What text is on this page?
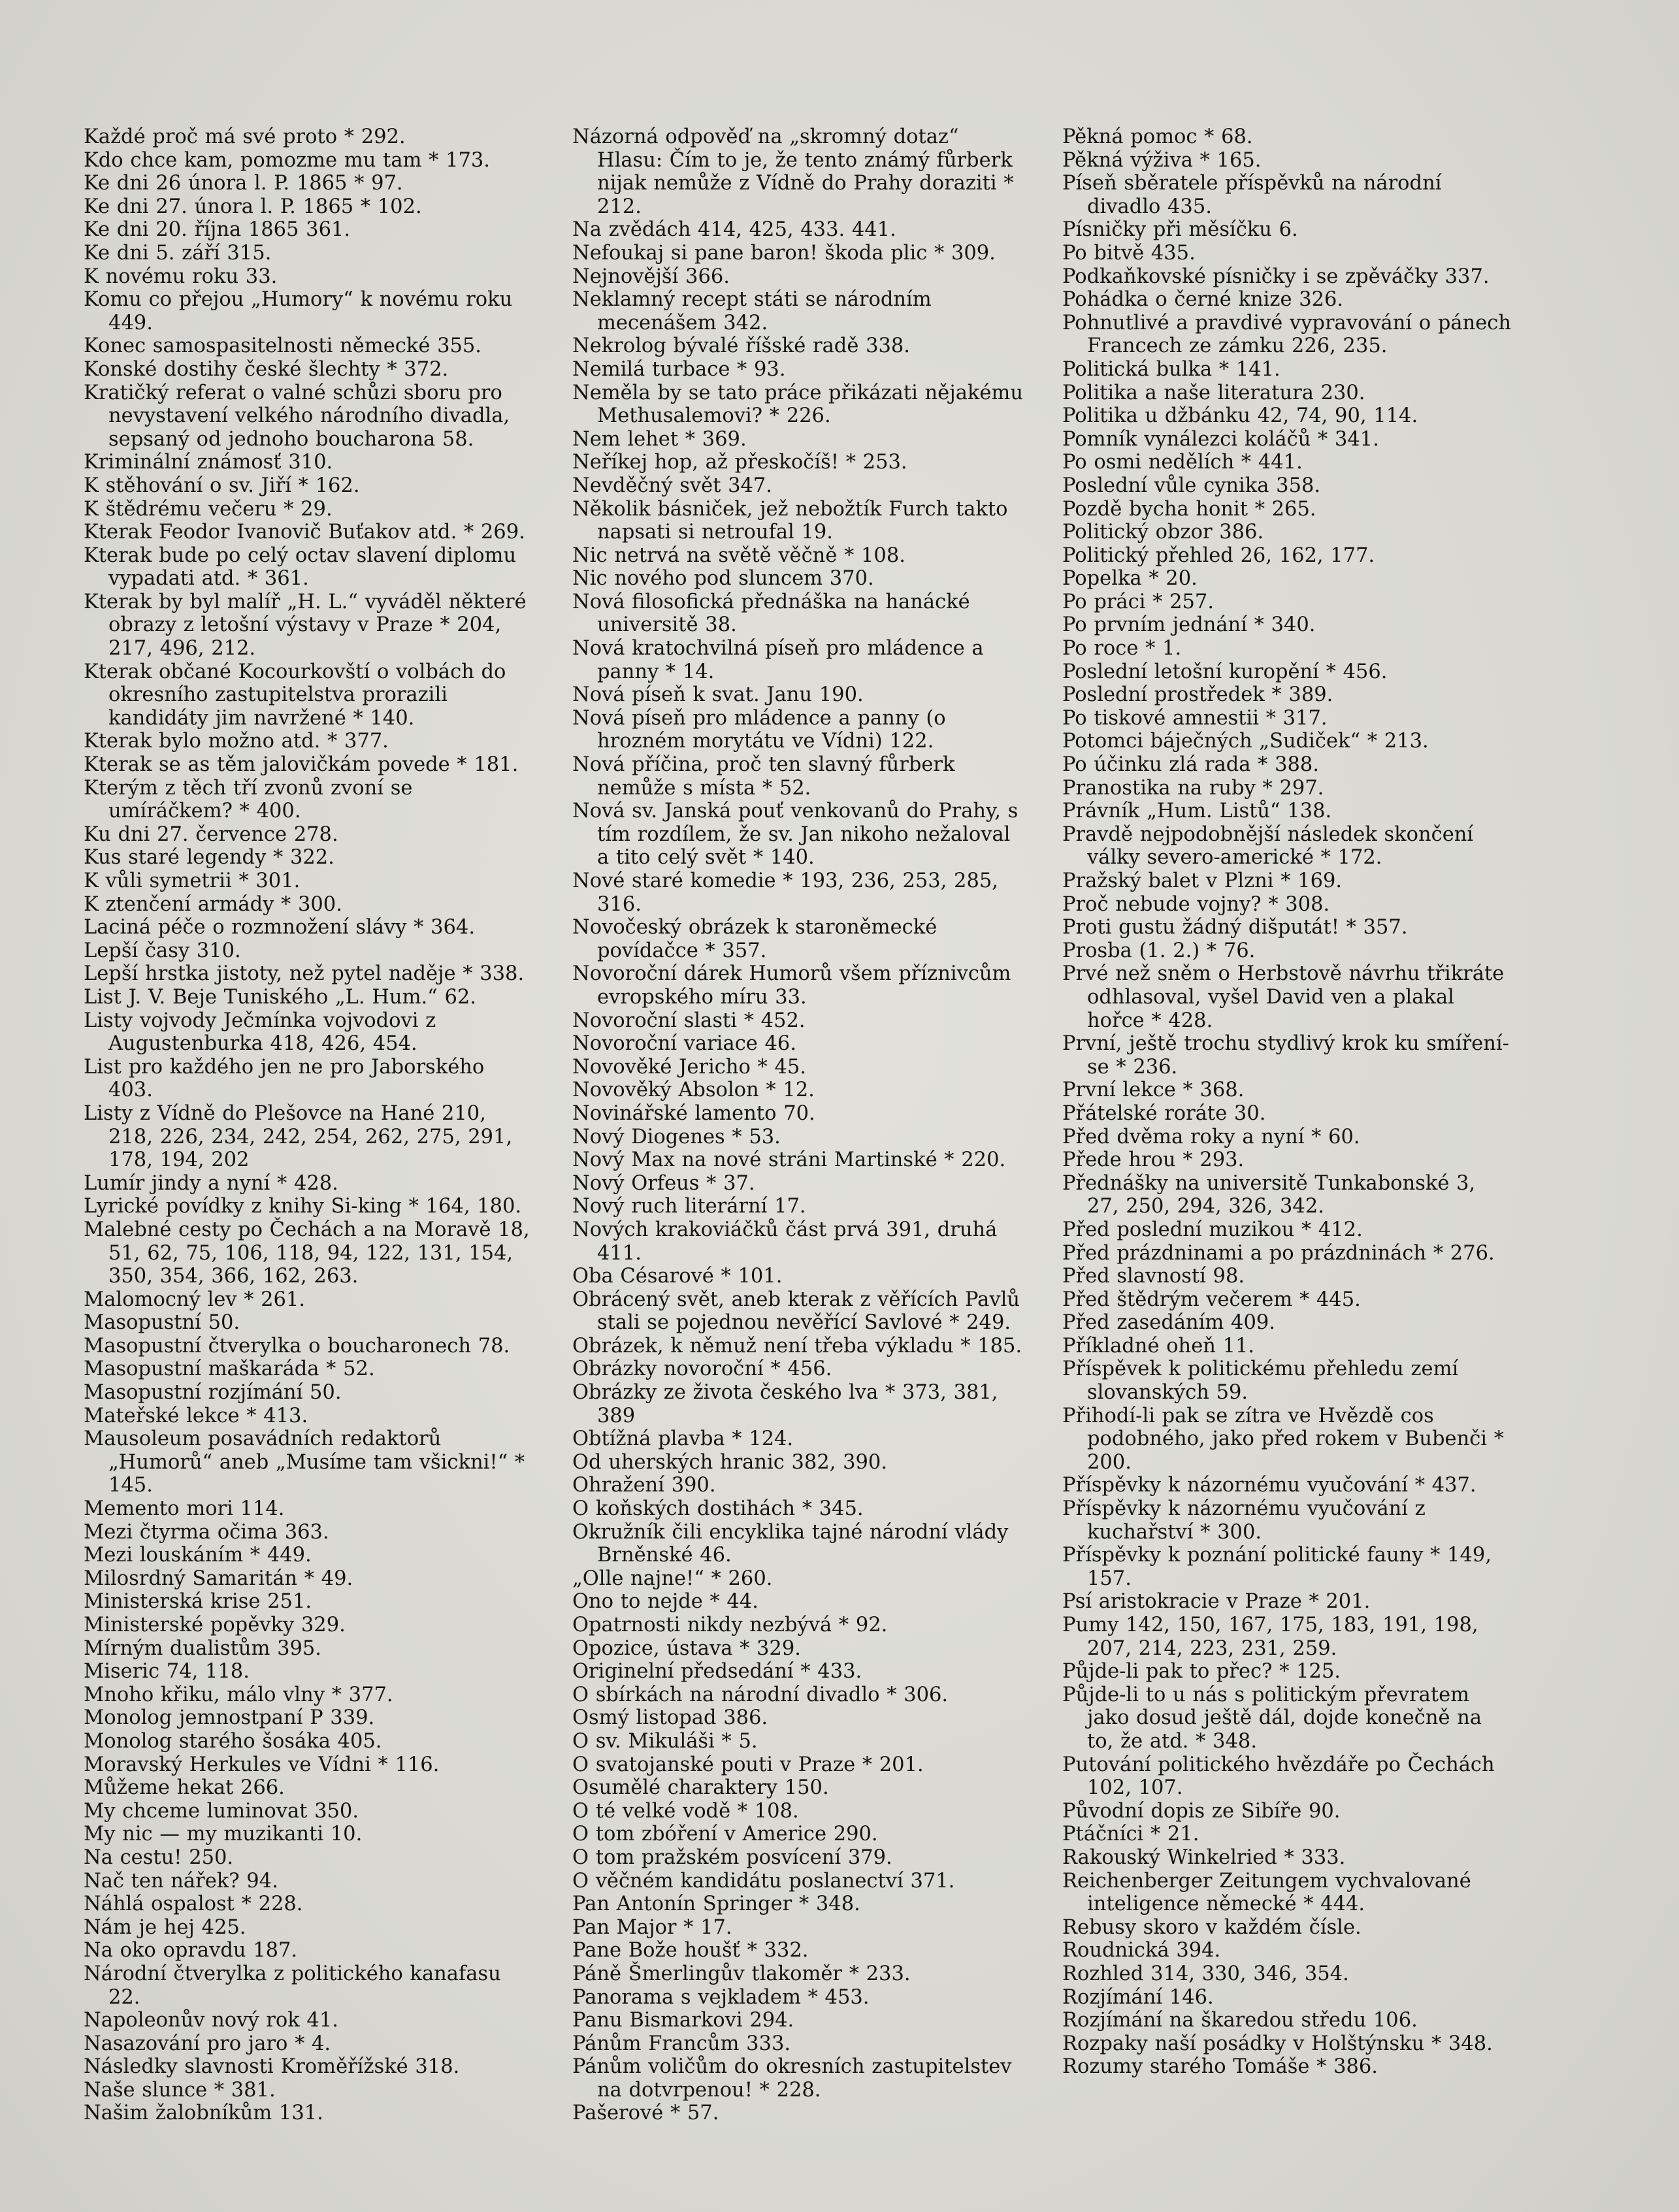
Každé proč má své proto * 292.
Kdo chce kam, pomozme mu tam * 173.
Ke dni 26 února l. P. 1865 * 97.
Ke dni 27. února l. P. 1865 * 102.
Ke dni 20. října 1865 361.
Ke dni 5. září 315.
K novému roku 33.
Komu co přejou „Humory“ k novému roku 449.
Konec samospasitelnosti německé 355.
Konské dostihy české šlechty * 372.
Kratičký referat o valné schůzi sboru pro nevystavení velkého národního divadla, sepsaný od jednoho boucharona 58.
Kriminální známosť 310.
K stěhování o sv. Jiří * 162.
K štědrému večeru * 29.
Kterak Feodor Ivanovič Buťakov atd. * 269.
Kterak bude po celý octav slavení diplomu vypadati atd. * 361.
Kterak by byl malíř „H. L.“ vyváděl některé obrazy z letošní výstavy v Praze * 204, 217, 496, 212.
Kterak občané Kocourkovští o volbách do okresního zastupitelstva prorazili kandidáty jim navržené * 140.
Kterak bylo možno atd. * 377.
Kterak se as těm jalovičkám povede * 181.
Kterým z těch tří zvonů zvoní se umíráčkem? * 400.
Ku dni 27. července 278.
Kus staré legendy * 322.
K vůli symetrii * 301.
K ztenčení armády * 300.
Laciná péče o rozmnožení slávy * 364.
Lepší časy 310.
Lepší hrstka jistoty, než pytel naděje * 338.
List J. V. Beje Tuniského „L. Hum.“ 62.
Listy vojvody Ječmínka vojvodovi z Augustenburka 418, 426, 454.
List pro každého jen ne pro Jaborského 403.
Listy z Vídně do Plešovce na Hané 210, 218, 226, 234, 242, 254, 262, 275, 291, 178, 194, 202
Lumír jindy a nyní * 428.
Lyrické povídky z knihy Si-king * 164, 180.
Malebné cesty po Čechách a na Moravě 18, 51, 62, 75, 106, 118, 94, 122, 131, 154, 350, 354, 366, 162, 263.
Malomocný lev * 261.
Masopustní 50.
Masopustní čtverylka o boucharonech 78.
Masopustní maškaráda * 52.
Masopustní rozjímání 50.
Mateřské lekce * 413.
Mausoleum posavádních redaktorů „Humorů“ aneb „Musíme tam všickni!“ * 145.
Memento mori 114.
Mezi čtyrma očima 363.
Mezi louskáním * 449.
Milosrdný Samaritán * 49.
Ministerská krise 251.
Ministerské popěvky 329.
Mírným dualistům 395.
Miseric 74, 118.
Mnoho křiku, málo vlny * 377.
Monolog jemnostpaní P 339.
Monolog starého šosáka 405.
Moravský Herkules ve Vídni * 116.
Můžeme hekat 266.
My chceme luminovat 350.
My nic — my muzikanti 10.
Na cestu! 250.
Nač ten nářek? 94.
Náhlá ospalost * 228.
Nám je hej 425.
Na oko opravdu 187.
Národní čtverylka z politického kanafasu 22.
Napoleonův nový rok 41.
Nasazování pro jaro * 4.
Následky slavnosti Kroměřížské 318.
Naše slunce * 381.
Našim žalobníkům 131.
Názorná odpověď na „skromný dotaz“ Hlasu: Čím to je, že tento známý fůrberk nijak nemůže z Vídně do Prahy doraziti * 212.
Na zvědách 414, 425, 433. 441.
Nefoukaj si pane baron! škoda plic * 309.
Nejnovější 366.
Neklamný recept státi se národním mecenášem 342.
Nekrolog bývalé říšské radě 338.
Nemilá turbace * 93.
Neměla by se tato práce přikázati nějakému Methusalemovi? * 226.
Nem lehet * 369.
Neříkej hop, až přeskočíš! * 253.
Nevděčný svět 347.
Několik básniček, jež nebožtík Furch takto napsati si netroufal 19.
Nic netrvá na světě věčně * 108.
Nic nového pod sluncem 370.
Nová filosofická přednáška na hanácké universitě 38.
Nová kratochvilná píseň pro mládence a panny * 14.
Nová píseň k svat. Janu 190.
Nová píseň pro mládence a panny (o hrozném morytátu ve Vídni) 122.
Nová příčina, proč ten slavný fůrberk nemůže s místa * 52.
Nová sv. Janská pouť venkovanů do Prahy, s tím rozdílem, že sv. Jan nikoho nežaloval a tito celý svět * 140.
Nové staré komedie * 193, 236, 253, 285, 316.
Novočeský obrázek k staroněmecké povídačce * 357.
Novoroční dárek Humorů všem příznivcům evropského míru 33.
Novoroční slasti * 452.
Novoroční variace 46.
Novověké Jericho * 45.
Novověký Absolon * 12.
Novinářské lamento 70.
Nový Diogenes * 53.
Nový Max na nové stráni Martinské * 220.
Nový Orfeus * 37.
Nový ruch literární 17.
Nových krakoviáčků část prvá 391, druhá 411.
Oba Césarové * 101.
Obrácený svět, aneb kterak z věřících Pavlů stali se pojednou nevěřící Savlové * 249.
Obrázek, k němuž není třeba výkladu * 185.
Obrázky novoroční * 456.
Obrázky ze života českého lva * 373, 381, 389
Obtížná plavba * 124.
Od uherských hranic 382, 390.
Ohražení 390.
O koňských dostihách * 345.
Okružník čili encyklika tajné národní vlády Brněnské 46.
„Olle najne!“ * 260.
Ono to nejde * 44.
Opatrnosti nikdy nezbývá * 92.
Opozice, ústava * 329.
Originelní předsedání * 433.
O sbírkách na národní divadlo * 306.
Osmý listopad 386.
O sv. Mikuláši * 5.
O svatojanské pouti v Praze * 201.
Osumělé charaktery 150.
O té velké vodě * 108.
O tom zbóření v Americe 290.
O tom pražském posvícení 379.
O věčném kandidátu poslanectví 371.
Pan Antonín Springer * 348.
Pan Major * 17.
Pane Bože houšť * 332.
Páně Šmerlingův tlakoměr * 233.
Panorama s vejkladem * 453.
Panu Bismarkovi 294.
Pánům Francům 333.
Pánům voličům do okresních zastupitelstev na dotvrpenou! * 228.
Pašerové * 57.
Pěkná pomoc * 68.
Pěkná výživa * 165.
Píseň sběratele příspěvků na národní divadlo 435.
Písničky při měsíčku 6.
Po bitvě 435.
Podkaňkovské písničky i se zpěváčky 337.
Pohádka o černé knize 326.
Pohnutlivé a pravdivé vypravování o pánech Francech ze zámku 226, 235.
Politická bulka * 141.
Politika a naše literatura 230.
Politika u džbánku 42, 74, 90, 114.
Pomník vynálezci koláčů * 341.
Po osmi nedělích * 441.
Poslední vůle cynika 358.
Pozdě bycha honit * 265.
Politický obzor 386.
Politický přehled 26, 162, 177.
Popelka * 20.
Po práci * 257.
Po prvním jednání * 340.
Po roce * 1.
Poslední letošní kuropění * 456.
Poslední prostředek * 389.
Po tiskové amnestii * 317.
Potomci báječných „Sudiček“ * 213.
Po účinku zlá rada * 388.
Pranostika na ruby * 297.
Právník „Hum. Listů“ 138.
Pravdě nejpodobnější následek skončení války severo-americké * 172.
Pražský balet v Plzni * 169.
Proč nebude vojny? * 308.
Proti gustu žádný dišputát! * 357.
Prosba (1. 2.) * 76.
Prvé než sněm o Herbstově návrhu třikráte odhlasoval, vyšel David ven a plakal hořce * 428.
První, ještě trochu stydlivý krok ku smíření-se * 236.
První lekce * 368.
Přátelské roráte 30.
Před dvěma roky a nyní * 60.
Přede hrou * 293.
Přednášky na universitě Tunkabonské 3, 27, 250, 294, 326, 342.
Před poslední muzikou * 412.
Před prázdninami a po prázdninách * 276.
Před slavností 98.
Před štědrým večerem * 445.
Před zasedáním 409.
Příkladné oheň 11.
Příspěvek k politickému přehledu zemí slovanských 59.
Přihodí-li pak se zítra ve Hvězdě cos podobného, jako před rokem v Bubenči * 200.
Příspěvky k názornému vyučování * 437.
Příspěvky k názornému vyučování z kuchařství * 300.
Příspěvky k poznání politické fauny * 149, 157.
Psí aristokracie v Praze * 201.
Pumy 142, 150, 167, 175, 183, 191, 198, 207, 214, 223, 231, 259.
Půjde-li pak to přec? * 125.
Půjde-li to u nás s politickým převratem jako dosud ještě dál, dojde konečně na to, že atd. * 348.
Putování politického hvězdáře po Čechách 102, 107.
Původní dopis ze Sibíře 90.
Ptáčníci * 21.
Rakouský Winkelried * 333.
Reichenberger Zeitungem vychvalované inteligence německé * 444.
Rebusy skoro v každém čísle.
Roudnická 394.
Rozhled 314, 330, 346, 354.
Rozjímání 146.
Rozjímání na škaredou středu 106.
Rozpaky naší posádky v Holštýnsku * 348.
Rozumy starého Tomáše * 386.
